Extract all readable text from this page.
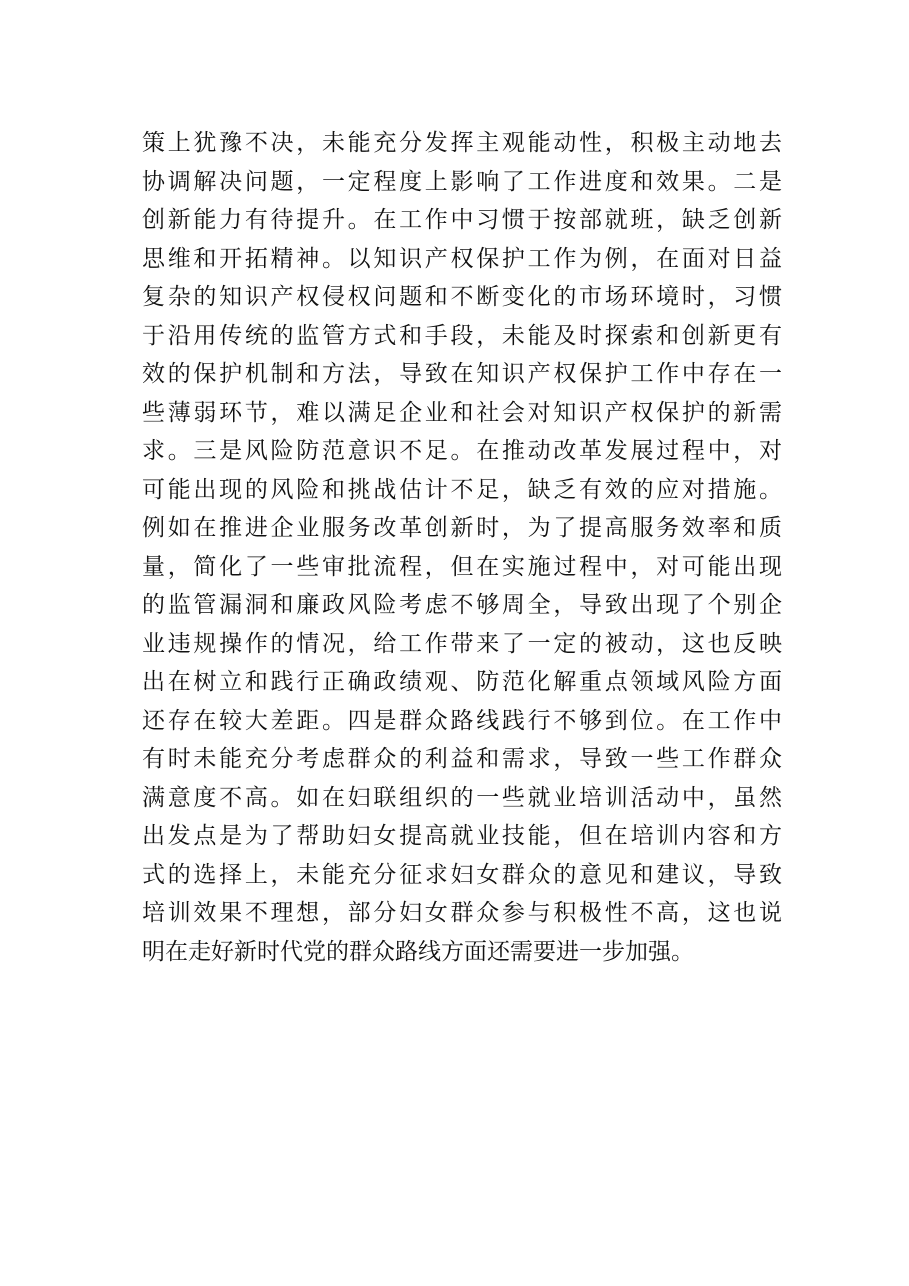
策上犹豫不决，未能充分发挥主观能动性，积极主动地去
协调解决问题，一定程度上影响了工作进度和效果。二是
创新能力有待提升。在工作中习惯于按部就班，缺乏创新
思维和开拓精神。以知识产权保护工作为例，在面对日益
复杂的知识产权侵权问题和不断变化的市场环境时，习惯
于沿用传统的监管方式和手段，未能及时探索和创新更有
效的保护机制和方法，导致在知识产权保护工作中存在一
些薄弱环节，难以满足企业和社会对知识产权保护的新需
求。三是风险防范意识不足。在推动改革发展过程中，对
可能出现的风险和挑战估计不足，缺乏有效的应对措施。
例如在推进企业服务改革创新时，为了提高服务效率和质
量，简化了一些审批流程，但在实施过程中，对可能出现
的监管漏洞和廉政风险考虑不够周全，导致出现了个别企
业违规操作的情况，给工作带来了一定的被动，这也反映
出在树立和践行正确政绩观、防范化解重点领域风险方面
还存在较大差距。四是群众路线践行不够到位。在工作中
有时未能充分考虑群众的利益和需求，导致一些工作群众
满意度不高。如在妇联组织的一些就业培训活动中，虽然
出发点是为了帮助妇女提高就业技能，但在培训内容和方
式的选择上，未能充分征求妇女群众的意见和建议，导致
培训效果不理想，部分妇女群众参与积极性不高，这也说
明在走好新时代党的群众路线方面还需要进一步加强。
